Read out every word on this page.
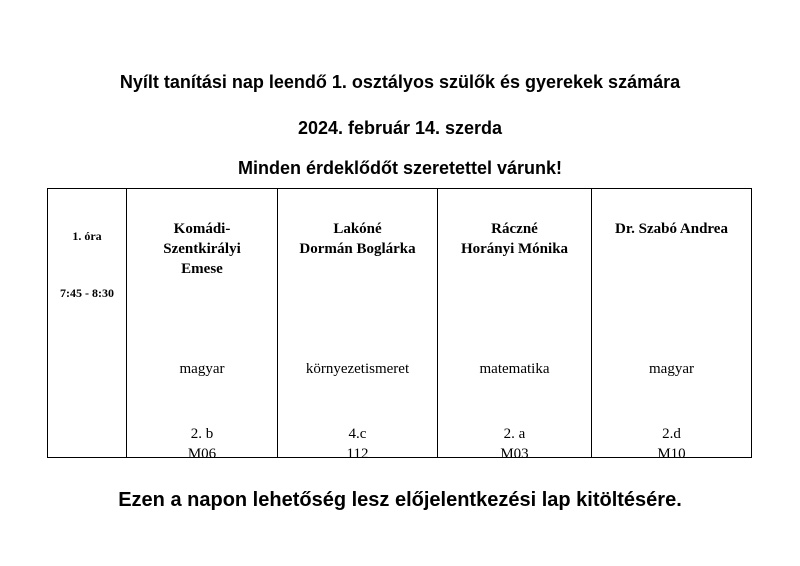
Nyílt tanítási nap leendő 1. osztályos szülők és gyerekek számára
2024. február 14. szerda
Minden érdeklődőt szeretettel várunk!
1. óra
7:45 - 8:30

Komádi-
Szentkirályi
Emese
magyar
2. b
M06

Lakóné
Dormán Boglárka
környezetismeret
4.c
112

Ráczné
Horányi Mónika
matematika
2. a
M03

Dr. Szabó Andrea
magyar
2.d
M10
Ezen a napon lehetőség lesz előjelentkezési lap kitöltésére.
